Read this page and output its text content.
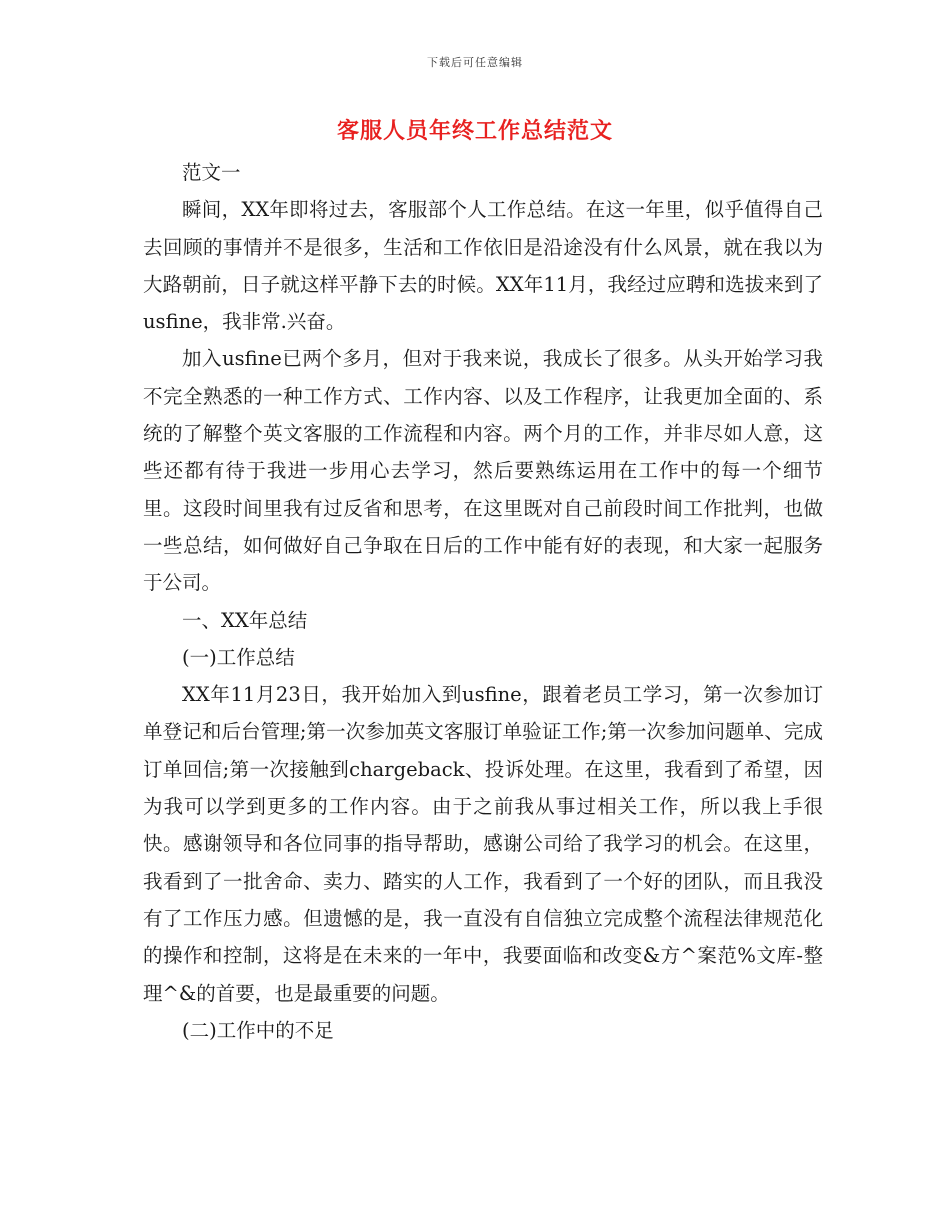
下载后可任意编辑
客服人员年终工作总结范文

范文一

瞬间，XX年即将过去，客服部个人工作总结。在这一年里，似乎值得自己去回顾的事情并不是很多，生活和工作依旧是沿途没有什么风景，就在我以为大路朝前，日子就这样平静下去的时候。XX年11月，我经过应聘和选拔来到了usfine，我非常.兴奋。

加入usfine已两个多月，但对于我来说，我成长了很多。从头开始学习我不完全熟悉的一种工作方式、工作内容、以及工作程序，让我更加全面的、系统的了解整个英文客服的工作流程和内容。两个月的工作，并非尽如人意，这些还都有待于我进一步用心去学习，然后要熟练运用在工作中的每一个细节里。这段时间里我有过反省和思考，在这里既对自己前段时间工作批判，也做一些总结，如何做好自己争取在日后的工作中能有好的表现，和大家一起服务于公司。

一、XX年总结

(一)工作总结

XX年11月23日，我开始加入到usfine，跟着老员工学习，第一次参加订单登记和后台管理;第一次参加英文客服订单验证工作;第一次参加问题单、完成订单回信;第一次接触到chargeback、投诉处理。在这里，我看到了希望，因为我可以学到更多的工作内容。由于之前我从事过相关工作，所以我上手很快。感谢领导和各位同事的指导帮助，感谢公司给了我学习的机会。在这里，我看到了一批舍命、卖力、踏实的人工作，我看到了一个好的团队，而且我没有了工作压力感。但遗憾的是，我一直没有自信独立完成整个流程法律规范化的操作和控制，这将是在未来的一年中，我要面临和改变&方^案范%文库-整理^&的首要，也是最重要的问题。

(二)工作中的不足
